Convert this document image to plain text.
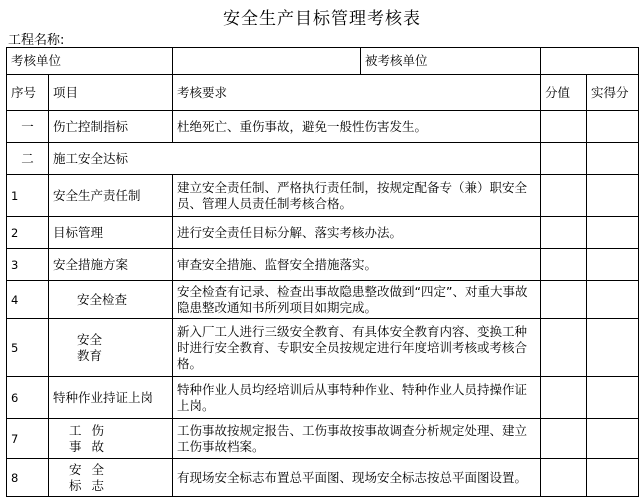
安全生产目标管理考核表
工程名称:
考核单位			被考核单位		
序号	项目	考核要求		分值	实得分
一	伤亡控制指标	杜绝死亡、重伤事故，避免一般性伤害发生。			
二	施工安全达标				
1	安全生产责任制	建立安全责任制、严格执行责任制，按规定配备专（兼）职安全员、管理人员责任制考核合格。			
2	目标管理	进行安全责任目标分解、落实考核办法。			
3	安全措施方案	审查安全措施、监督安全措施落实。			
4	安全检查	安全检查有记录、检查出事故隐患整改做到“四定”、对重大事故隐患整改通知书所列项目如期完成。			
5	安全教育	新入厂工人进行三级安全教育、有具体安全教育内容、变换工种时进行安全教育、专职安全员按规定进行年度培训考核或考核合格。			
6	特种作业持证上岗	特种作业人员均经培训后从事特种作业、特种作业人员持操作证上岗。			
7	工伤事故	工伤事故按规定报告、工伤事故按事故调查分析规定处理、建立工伤事故档案。			
8	安全标志	有现场安全标志布置总平面图、现场安全标志按总平面图设置。			
